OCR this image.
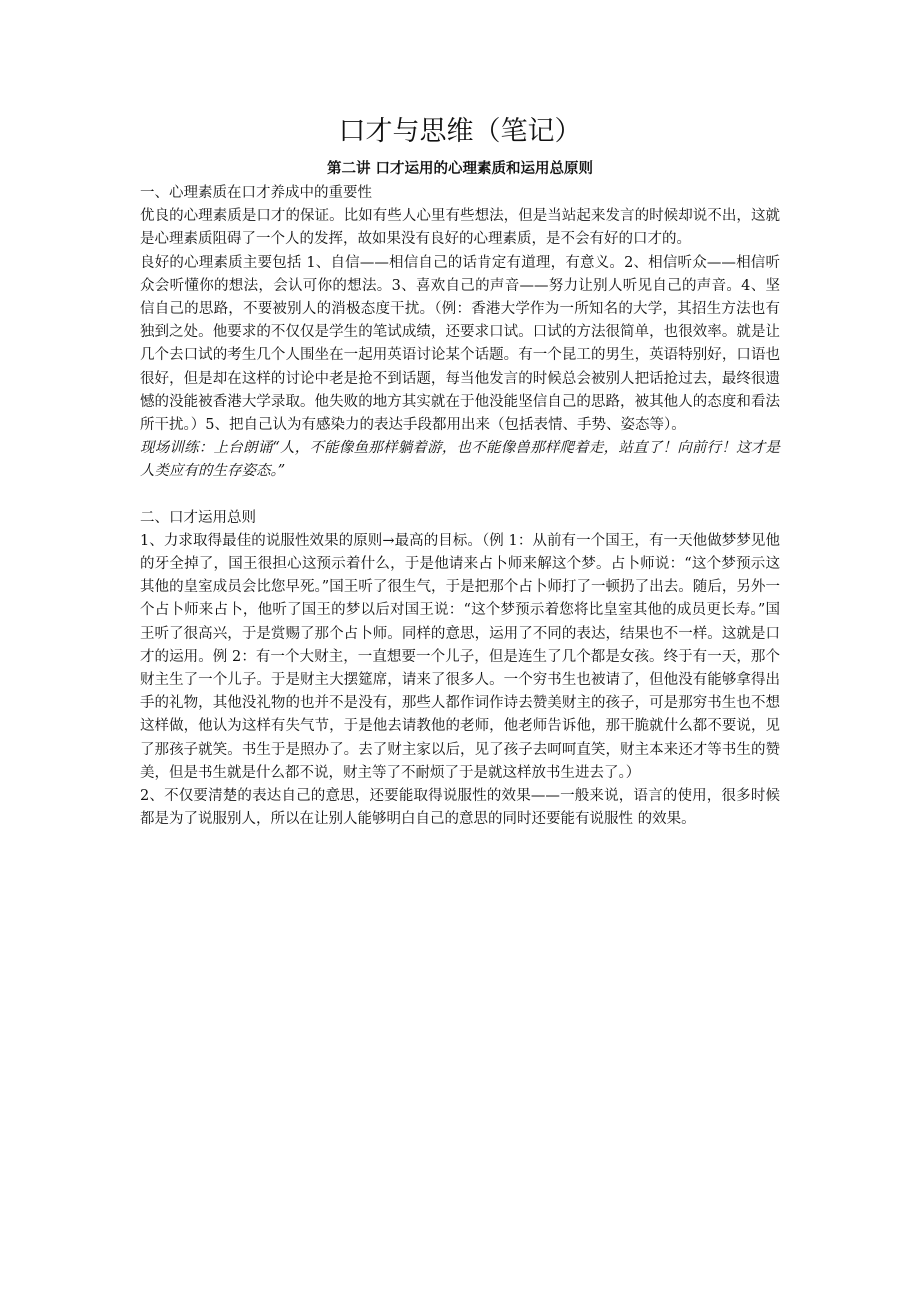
口才与思维（笔记）
第二讲 口才运用的心理素质和运用总原则

一、心理素质在口才养成中的重要性

优良的心理素质是口才的保证。比如有些人心里有些想法，但是当站起来发言的时候却说不出，这就是心理素质阻碍了一个人的发挥，故如果没有良好的心理素质，是不会有好的口才的。

良好的心理素质主要包括 1、自信——相信自己的话肯定有道理，有意义。2、相信听众——相信听众会听懂你的想法，会认可你的想法。3、喜欢自己的声音——努力让别人听见自己的声音。4、坚信自己的思路，不要被别人的消极态度干扰。（例：香港大学作为一所知名的大学，其招生方法也有独到之处。他要求的不仅仅是学生的笔试成绩，还要求口试。口试的方法很简单，也很效率。就是让几个去口试的考生几个人围坐在一起用英语讨论某个话题。有一个昆工的男生，英语特别好，口语也很好，但是却在这样的讨论中老是抢不到话题，每当他发言的时候总会被别人把话抢过去，最终很遗憾的没能被香港大学录取。他失败的地方其实就在于他没能坚信自己的思路，被其他人的态度和看法所干扰。）5、把自己认为有感染力的表达手段都用出来（包括表情、手势、姿态等）。

现场训练：上台朗诵“人，不能像鱼那样躺着游，也不能像兽那样爬着走，站直了！向前行！这才是人类应有的生存姿态。”

二、口才运用总则

1、力求取得最佳的说服性效果的原则→最高的目标。（例 1：从前有一个国王，有一天他做梦梦见他的牙全掉了，国王很担心这预示着什么，于是他请来占卜师来解这个梦。占卜师说：“这个梦预示这其他的皇室成员会比您早死。”国王听了很生气，于是把那个占卜师打了一顿扔了出去。随后，另外一个占卜师来占卜，他听了国王的梦以后对国王说：“这个梦预示着您将比皇室其他的成员更长寿。”国王听了很高兴，于是赏赐了那个占卜师。同样的意思，运用了不同的表达，结果也不一样。这就是口才的运用。例 2：有一个大财主，一直想要一个儿子，但是连生了几个都是女孩。终于有一天，那个财主生了一个儿子。于是财主大摆筵席，请来了很多人。一个穷书生也被请了，但他没有能够拿得出手的礼物，其他没礼物的也并不是没有，那些人都作词作诗去赞美财主的孩子，可是那穷书生也不想这样做，他认为这样有失气节，于是他去请教他的老师，他老师告诉他，那干脆就什么都不要说，见了那孩子就笑。书生于是照办了。去了财主家以后，见了孩子去呵呵直笑，财主本来还才等书生的赞美，但是书生就是什么都不说，财主等了不耐烦了于是就这样放书生进去了。）

2、不仅要清楚的表达自己的意思，还要能取得说服性的效果——一般来说，语言的使用，很多时候都是为了说服别人，所以在让别人能够明白自己的意思的同时还要能有说服性 的效果。
